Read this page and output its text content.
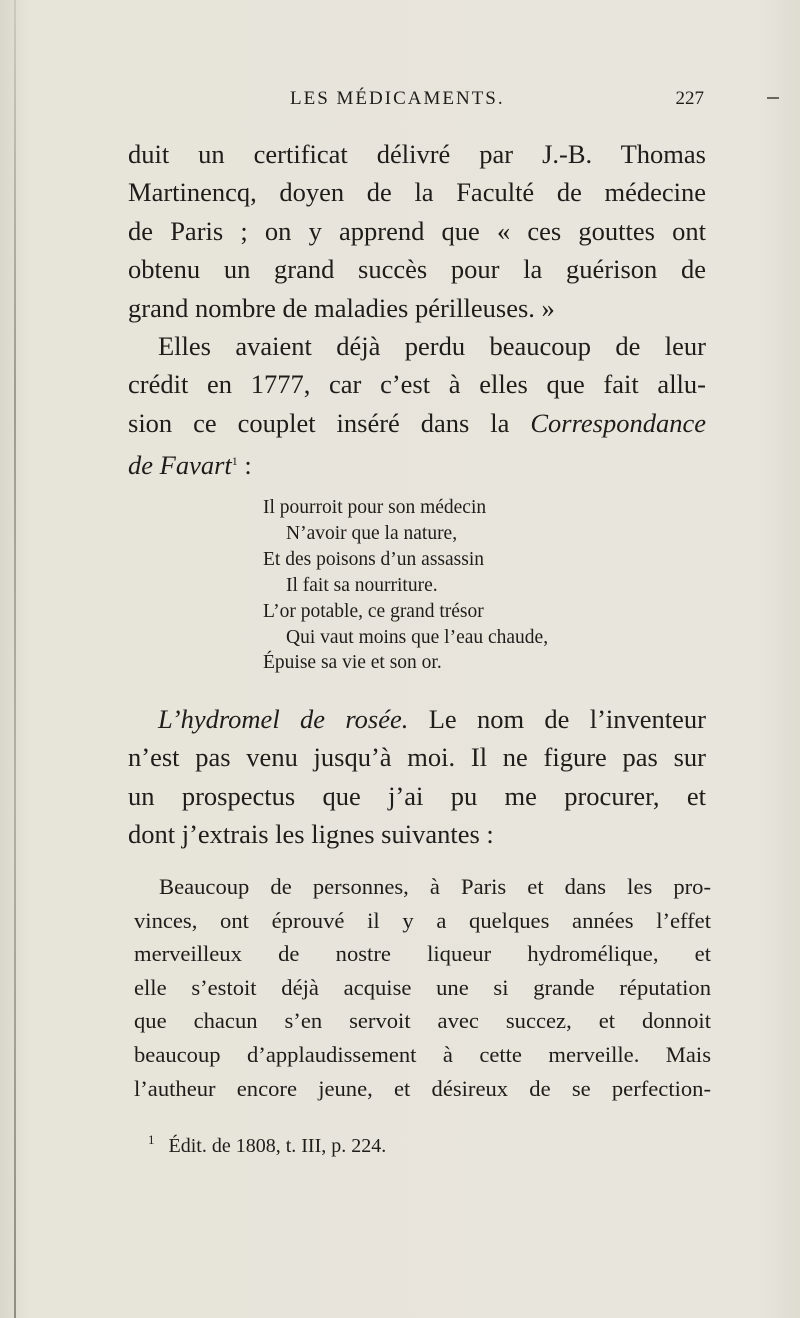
LES MÉDICAMENTS.	227
duit un certificat délivré par J.-B. Thomas
Martinencq, doyen de la Faculté de médecine
de Paris ; on y apprend que « ces gouttes ont
obtenu un grand succès pour la guérison de
grand nombre de maladies périlleuses. »
Elles avaient déjà perdu beaucoup de leur
crédit en 1777, car c’est à elles que fait allu-
sion ce couplet inséré dans la Correspondance
de Favart$^1$ :
Il pourroit pour son médecin
N’avoir que la nature,
Et des poisons d’un assassin
Il fait sa nourriture.
L’or potable, ce grand trésor
Qui vaut moins que l’eau chaude,
Épuise sa vie et son or.
L’hydromel de rosée. Le nom de l’inventeur
n’est pas venu jusqu’à moi. Il ne figure pas sur
un prospectus que j’ai pu me procurer, et
dont j’extrais les lignes suivantes :
Beaucoup de personnes, à Paris et dans les pro-
vinces, ont éprouvé il y a quelques années l’effet
merveilleux de nostre liqueur hydromélique, et
elle s’estoit déjà acquise une si grande réputation
que chacun s’en servoit avec succez, et donnoit
beaucoup d’applaudissement à cette merveille. Mais
l’autheur encore jeune, et désireux de se perfection-
$^1$ Édit. de 1808, t. III, p. 224.
